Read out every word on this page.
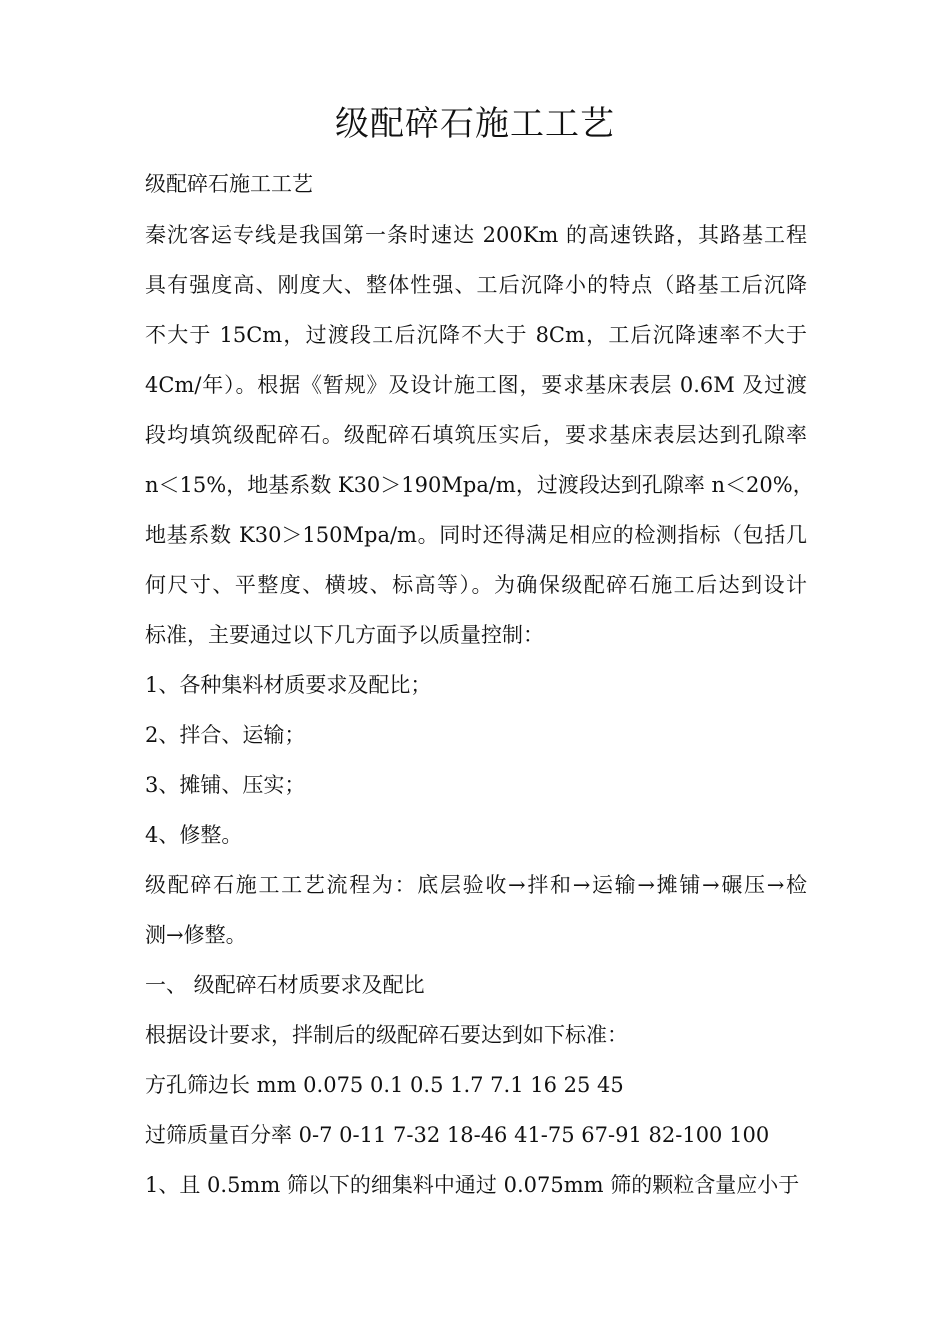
级配碎石施工工艺

级配碎石施工工艺

秦沈客运专线是我国第一条时速达 200Km 的高速铁路，其路基工程

具有强度高、刚度大、整体性强、工后沉降小的特点（路基工后沉降

不大于 15Cm，过渡段工后沉降不大于 8Cm，工后沉降速率不大于

4Cm/年）。根据《暂规》及设计施工图，要求基床表层 0.6M 及过渡

段均填筑级配碎石。级配碎石填筑压实后，要求基床表层达到孔隙率

n＜15%，地基系数 K30＞190Mpa/m，过渡段达到孔隙率 n＜20%，

地基系数 K30＞150Mpa/m。同时还得满足相应的检测指标（包括几

何尺寸、平整度、横坡、标高等）。为确保级配碎石施工后达到设计

标准，主要通过以下几方面予以质量控制：

1、各种集料材质要求及配比；

2、拌合、运输；

3、摊铺、压实；

4、修整。

级配碎石施工工艺流程为：底层验收→拌和→运输→摊铺→碾压→检

测→修整。

一、 级配碎石材质要求及配比

根据设计要求，拌制后的级配碎石要达到如下标准：

方孔筛边长 mm 0.075 0.1 0.5 1.7 7.1 16 25 45

过筛质量百分率 0-7 0-11 7-32 18-46 41-75 67-91 82-100 100

1、且 0.5mm 筛以下的细集料中通过 0.075mm 筛的颗粒含量应小于
